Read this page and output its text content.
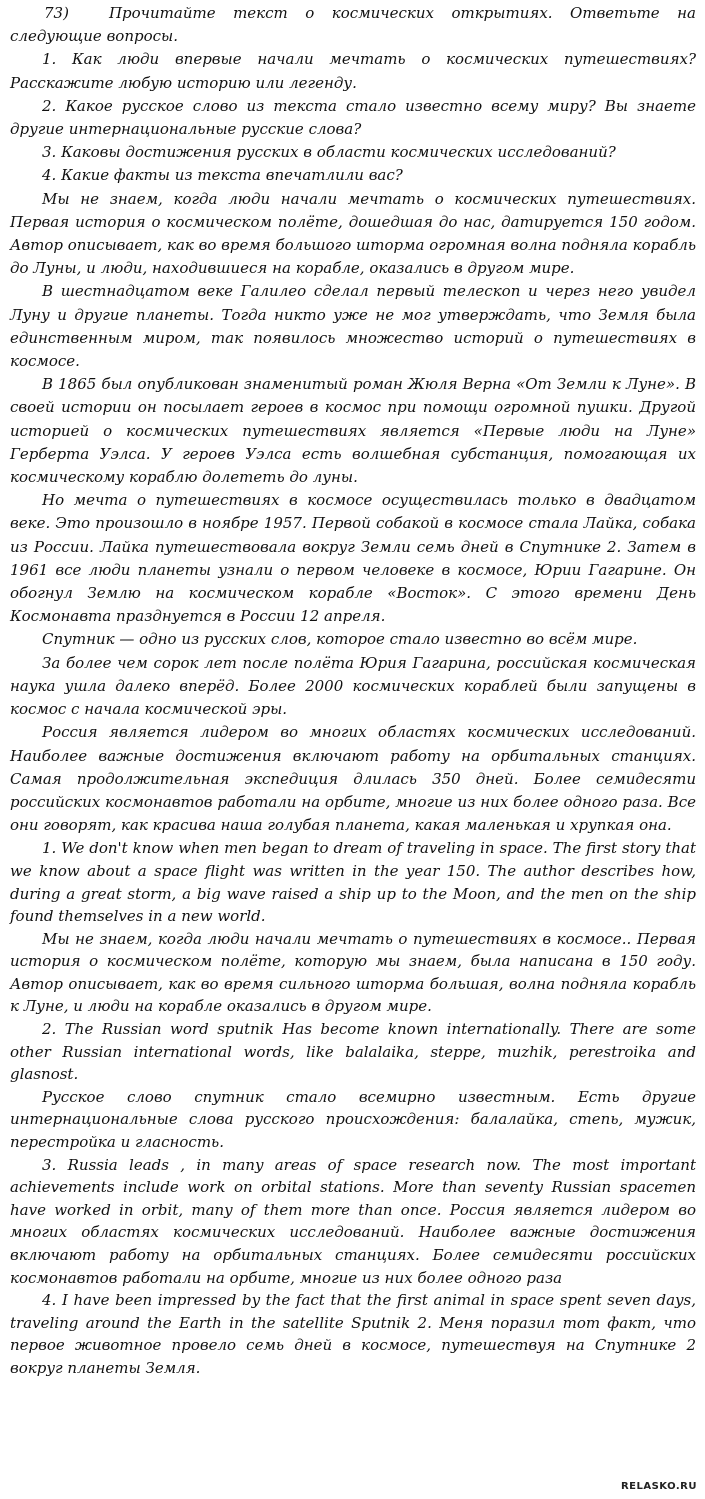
73)	Прочитайте текст о космических открытиях. Ответьте на следующие вопросы.

1. Как люди впервые начали мечтать о космических путешествиях? Расскажите любую историю или легенду.

2. Какое русское слово из текста стало известно всему миру? Вы знаете другие интернациональные русские слова?

3. Каковы достижения русских в области космических исследований?

4. Какие факты из текста впечатлили вас?

Мы не знаем, когда люди начали мечтать о космических путешествиях. Первая история о космическом полёте, дошедшая до нас, датируется 150 годом. Автор описывает, как во время большого шторма огромная волна подняла корабль до Луны, и люди, находившиеся на корабле, оказались в другом мире.

В шестнадцатом веке Галилео сделал первый телескоп и через него увидел Луну и другие планеты. Тогда никто уже не мог утверждать, что Земля была единственным миром, так появилось множество историй о путешествиях в космосе.

В 1865 был опубликован знаменитый роман Жюля Верна «От Земли к Луне». В своей истории он посылает героев в космос при помощи огромной пушки. Другой историей о космических путешествиях является «Первые люди на Луне» Герберта Уэлса. У героев Уэлса есть волшебная субстанция, помогающая их космическому кораблю долететь до луны.

Но мечта о путешествиях в космосе осуществилась только в двадцатом веке. Это произошло в ноябре 1957. Первой собакой в космосе стала Лайка, собака из России. Лайка путешествовала вокруг Земли семь дней в Спутнике 2. Затем в 1961 все люди планеты узнали о первом человеке в космосе, Юрии Гагарине. Он обогнул Землю на космическом корабле «Восток». С этого времени День Космонавта празднуется в России 12 апреля.

Спутник — одно из русских слов, которое стало известно во всём мире.

За более чем сорок лет после полёта Юрия Гагарина, российская космическая наука ушла далеко вперёд. Более 2000 космических кораблей были запущены в космос с начала космической эры.

Россия является лидером во многих областях космических исследований. Наиболее важные достижения включают работу на орбитальных станциях. Самая продолжительная экспедиция длилась 350 дней. Более семидесяти российских космонавтов работали на орбите, многие из них более одного раза. Все они говорят, как красива наша голубая планета, какая маленькая и хрупкая она.

1. We don't know when men began to dream of traveling in space. The first story that we know about a space flight was written in the year 150. The author describes how, during a great storm, a big wave raised a ship up to the Moon, and the men on the ship found themselves in a new world.

Мы не знаем, когда люди начали мечтать о путешествиях в космосе.. Первая история о космическом полёте, которую мы знаем, была написана в 150 году. Автор описывает, как во время сильного шторма большая, волна подняла корабль к Луне, и люди на корабле оказались в другом мире.

2. The Russian word sputnik Has become known internationally. There are some other Russian international words, like balalaika, steppe, muzhik, perestroika and glasnost.

Русское слово спутник стало всемирно известным. Есть другие интернациональные слова русского происхождения: балалайка, степь, мужик, перестройка и гласность.

3. Russia leads , in many areas of space research now. The most important achievements include work on orbital stations. More than seventy Russian spacemen have worked in orbit, many of them more than once. Россия является лидером во многих областях космических исследований. Наиболее важные достижения включают работу на орбитальных станциях. Более семидесяти российских космонавтов работали на орбите, многие из них более одного раза

4. I have been impressed by the fact that the first animal in space spent seven days, traveling around the Earth in the satellite Sputnik 2. Меня поразил тот факт, что первое животное провело семь дней в космосе, путешествуя на Спутнике 2 вокруг планеты Земля.

RELASKO.RU
